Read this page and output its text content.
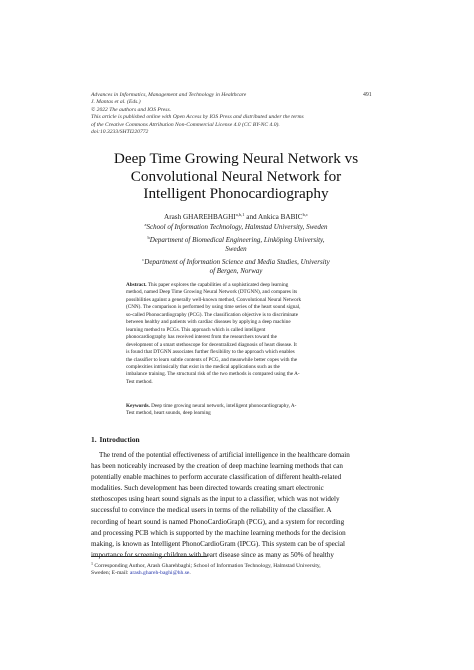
Advances in Informatics, Management and Technology in Healthcare
J. Mantas et al. (Eds.)
© 2022 The authors and IOS Press.
This article is published online with Open Access by IOS Press and distributed under the terms
of the Creative Commons Attribution Non-Commercial License 4.0 (CC BY-NC 4.0).
doi:10.3233/SHTI220772
491
Deep Time Growing Neural Network vs
Convolutional Neural Network for
Intelligent Phonocardiography
Arash GHAREHBAGHI$^{a,b,1}$ and Ankica BABIC$^{b,c}$
$^a$School of Information Technology, Halmstad University, Sweden
$^b$Department of Biomedical Engineering, Linköping University,
Sweden
$^c$Department of Information Science and Media Studies, University
of Bergen, Norway
Abstract. This paper explores the capabilities of a sophisticated deep learning
method, named Deep Time Growing Neural Network (DTGNN), and compares its
possibilities against a generally well-known method, Convolutional Neural Network
(CNN). The comparison is performed by using time series of the heart sound signal,
so-called Phonocardiography (PCG). The classification objective is to discriminate
between healthy and patients with cardiac diseases by applying a deep machine
learning method to PCGs. This approach which is called intelligent
phonocardiography has received interest from the researchers toward the
development of a smart stethoscope for decentralized diagnosis of heart disease. It
is found that DTGNN associates further flexibility to the approach which enables
the classifier to learn subtle contents of PCG, and meanwhile better copes with the
complexities intrinsically that exist in the medical applications such as the
imbalance training. The structural risk of the two methods is compared using the A-
Test method.
Keywords. Deep time growing neural network, intelligent phonocardiography, A-
Test method, heart sounds, deep learning
1. Introduction
The trend of the potential effectiveness of artificial intelligence in the healthcare domain
has been noticeably increased by the creation of deep machine learning methods that can
potentially enable machines to perform accurate classification of different health-related
modalities. Such development has been directed towards creating smart electronic
stethoscopes using heart sound signals as the input to a classifier, which was not widely
successful to convince the medical users in terms of the reliability of the classifier. A
recording of heart sound is named PhonoCardioGraph (PCG), and a system for recording
and processing PCB which is supported by the machine learning methods for the decision
making, is known as Intelligent PhonoCardioGram (IPCG). This system can be of special
importance for screening children with heart disease since as many as 50% of healthy
$^1$ Corresponding Author, Arash Gharehbaghi; School of Information Technology, Halmstad University,
Sweden; E-mail: arash.ghareh-baghi@hh.se.
